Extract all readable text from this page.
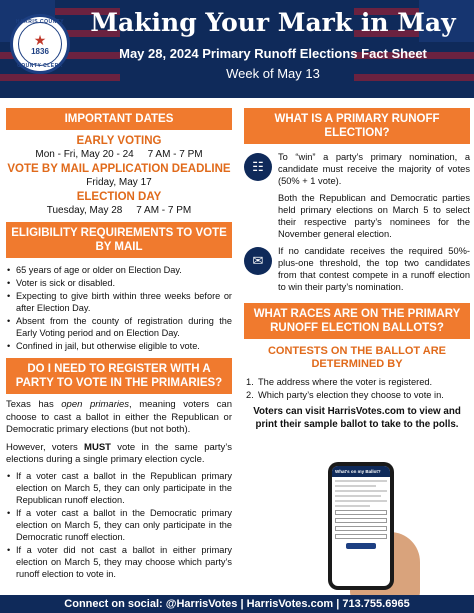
HARRIS COUNTY
★
1836
COUNTY CLERK
Making Your Mark in May
May 28, 2024 Primary Runoff Elections Fact Sheet
Week of May 13
IMPORTANT DATES
EARLY VOTING
Mon - Fri, May 20 - 24     7 AM - 7 PM
VOTE BY MAIL APPLICATION DEADLINE
Friday, May 17
ELECTION DAY
Tuesday, May 28     7 AM - 7 PM
ELIGIBILITY REQUIREMENTS TO VOTE BY MAIL
• 65 years of age or older on Election Day.
• Voter is sick or disabled.
• Expecting to give birth within three weeks before or after Election Day.
• Absent from the county of registration during the Early Voting period and on Election Day.
• Confined in jail, but otherwise eligible to vote.
DO I NEED TO REGISTER WITH A PARTY TO VOTE IN THE PRIMARIES?

Texas has open primaries, meaning voters can choose to cast a ballot in either the Republican or Democratic primary elections (but not both).

However, voters MUST vote in the same party’s elections during a single primary election cycle.

• If a voter cast a ballot in the Republican primary election on March 5, they can only participate in the Republican runoff election.
• If a voter cast a ballot in the Democratic primary election on March 5, they can only participate in the Democratic runoff election.
• If a voter did not cast a ballot in either primary election on March 5, they may choose which party’s runoff election to vote in.
WHAT IS A PRIMARY RUNOFF ELECTION?
☷
To “win” a party’s primary nomination, a candidate must receive the majority of votes (50% + 1 vote).
Both the Republican and Democratic parties held primary elections on March 5 to select their respective party’s nominees for the November general election.
✉
If no candidate receives the required 50%-plus-one threshold, the top two candidates from that contest compete in a runoff election to win their party’s nomination.
WHAT RACES ARE ON THE PRIMARY RUNOFF ELECTION BALLOTS?
CONTESTS ON THE BALLOT ARE DETERMINED BY
1. The address where the voter is registered.
2. Which party’s election they choose to vote in.
Voters can visit HarrisVotes.com to view and print their sample ballot to take to the polls.
What's on my Ballot?
Connect on social: @HarrisVotes | HarrisVotes.com | 713.755.6965
